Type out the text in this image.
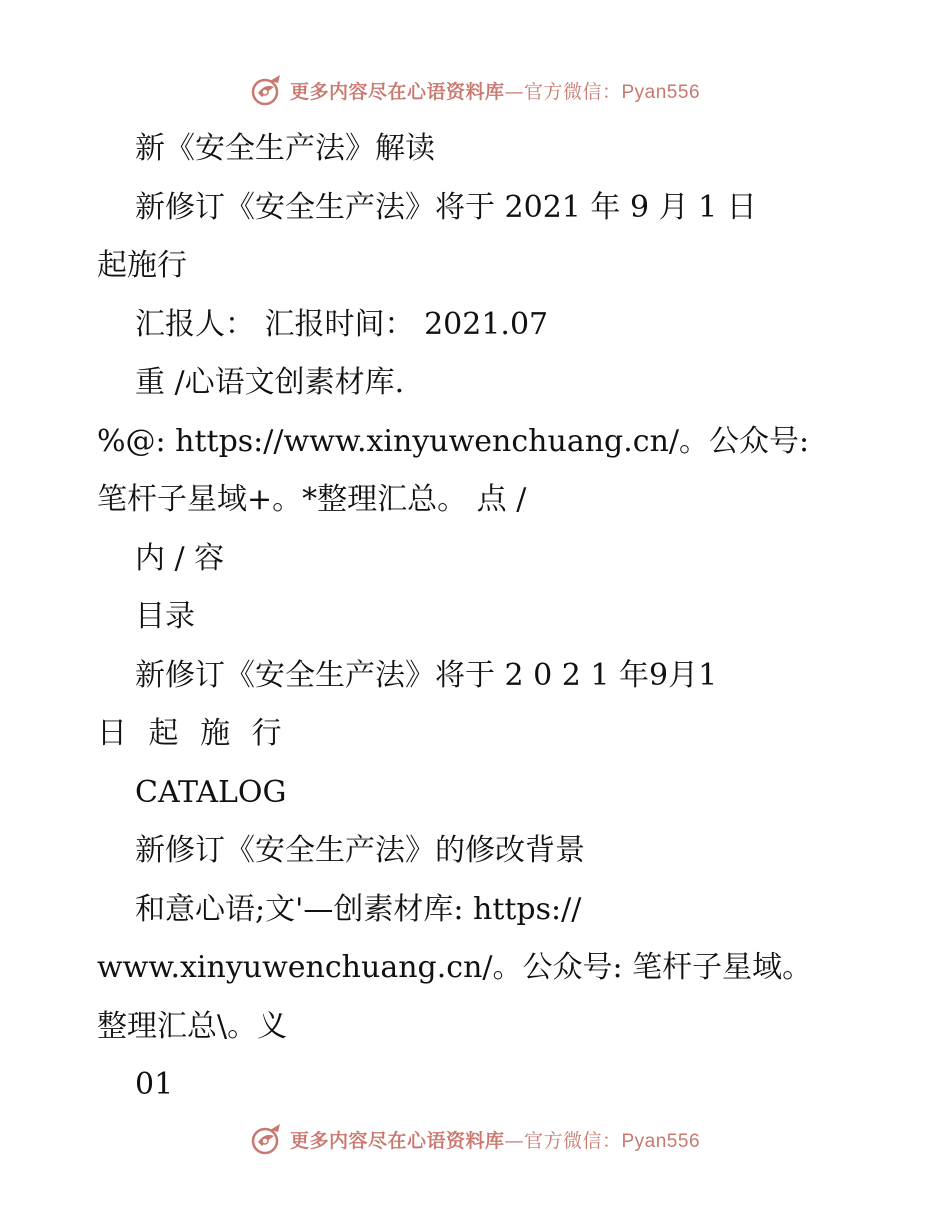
更多内容尽在心语资料库—官方微信：Pyan556
新《安全生产法》解读
新修订《安全生产法》将于 2021 年 9 月 1 日
起施行
汇报人： 汇报时间： 2021.07
重 /心语文创素材库.
%@: https://www.xinyuwenchuang.cn/。公众号:
笔杆子星域+。*整理汇总。 点 /
内 / 容
目录
新修订《安全生产法》将于 2 0 2 1 年9月1
日 起 施 行
CATALOG
新修订《安全生产法》的修改背景
和意心语;文'—创素材库: https://
www.xinyuwenchuang.cn/。公众号: 笔杆子星域。
整理汇总\。义
01
更多内容尽在心语资料库—官方微信：Pyan556
